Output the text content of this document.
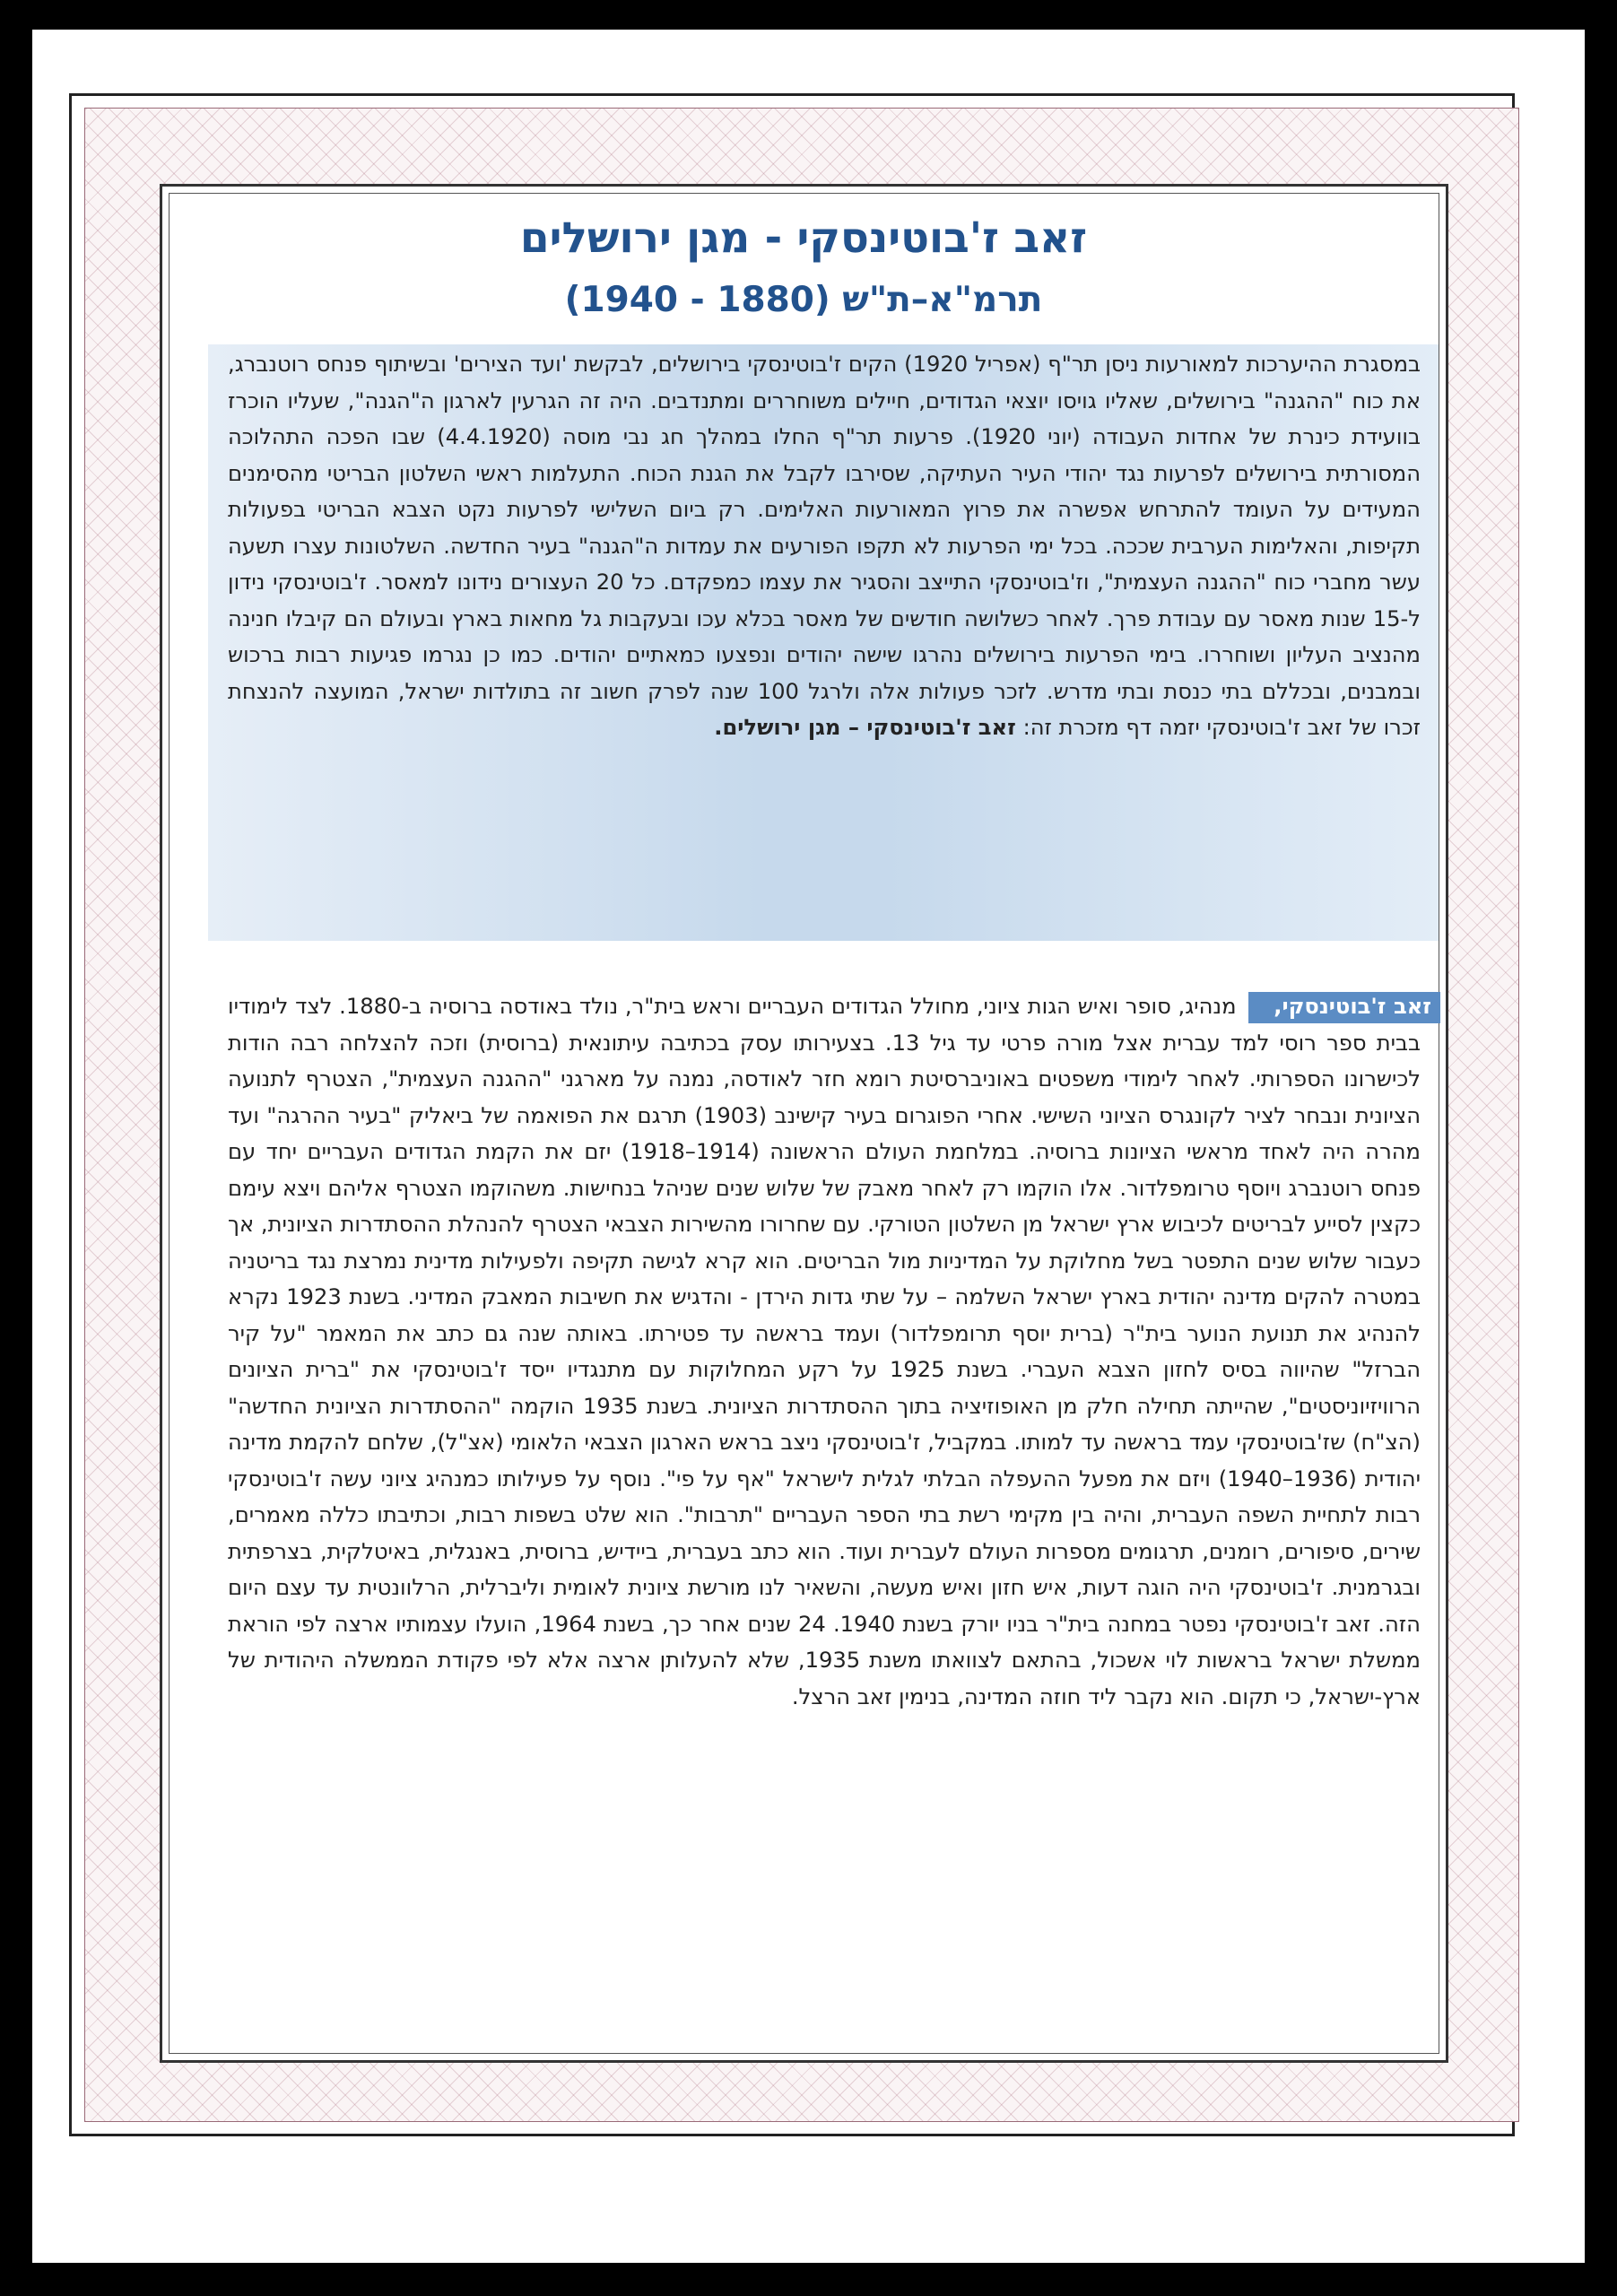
זאב ז'בוטינסקי - מגן ירושלים
תרמ"א–ת"ש (1880 - 1940)

במסגרת ההיערכות למאורעות ניסן תר"ף (אפריל 1920) הקים ז'בוטינסקי בירושלים, לבקשת 'ועד הצירים' ובשיתוף פנחס רוטנברג, את כוח "ההגנה" בירושלים, שאליו גויסו יוצאי הגדודים, חיילים משוחררים ומתנדבים. היה זה הגרעין לארגון ה"הגנה", שעליו הוכרז בוועידת כינרת של אחדות העבודה (יוני 1920). פרעות תר"ף החלו במהלך חג נבי מוסה (4.4.1920) שבו הפכה התהלוכה המסורתית בירושלים לפרעות נגד יהודי העיר העתיקה, שסירבו לקבל את הגנת הכוח. התעלמות ראשי השלטון הבריטי מהסימנים המעידים על העומד להתרחש אפשרה את פרוץ המאורעות האלימים. רק ביום השלישי לפרעות נקט הצבא הבריטי בפעולות תקיפות, והאלימות הערבית שככה. בכל ימי הפרעות לא תקפו הפורעים את עמדות ה"הגנה" בעיר החדשה. השלטונות עצרו תשעה עשר מחברי כוח "ההגנה העצמית", וז'בוטינסקי התייצב והסגיר את עצמו כמפקדם. כל 20 העצורים נידונו למאסר. ז'בוטינסקי נידון ל-15 שנות מאסר עם עבודת פרך. לאחר כשלושה חודשים של מאסר בכלא עכו ובעקבות גל מחאות בארץ ובעולם הם קיבלו חנינה מהנציב העליון ושוחררו. בימי הפרעות בירושלים נהרגו שישה יהודים ונפצעו כמאתיים יהודים. כמו כן נגרמו פגיעות רבות ברכוש ובמבנים, ובכללם בתי כנסת ובתי מדרש. לזכר פעולות אלה ולרגל 100 שנה לפרק חשוב זה בתולדות ישראל, המועצה להנצחת זכרו של זאב ז'בוטינסקי יזמה דף מזכרת זה: זאב ז'בוטינסקי – מגן ירושלים.

זאב ז'בוטינסקי, מנהיג, סופר ואיש הגות ציוני, מחולל הגדודים העבריים וראש בית"ר, נולד באודסה ברוסיה ב-1880. לצד לימודיו בבית ספר רוסי למד עברית אצל מורה פרטי עד גיל 13. בצעירותו עסק בכתיבה עיתונאית (ברוסית) וזכה להצלחה רבה הודות לכישרונו הספרותי. לאחר לימודי משפטים באוניברסיטת רומא חזר לאודסה, נמנה על מארגני "ההגנה העצמית", הצטרף לתנועה הציונית ונבחר לציר לקונגרס הציוני השישי. אחרי הפוגרום בעיר קישינב (1903) תרגם את הפואמה של ביאליק "בעיר ההרגה" ועד מהרה היה לאחד מראשי הציונות ברוסיה. במלחמת העולם הראשונה (1914–1918) יזם את הקמת הגדודים העבריים יחד עם פנחס רוטנברג ויוסף טרומפלדור. אלו הוקמו רק לאחר מאבק של שלוש שנים שניהל בנחישות. משהוקמו הצטרף אליהם ויצא עימם כקצין לסייע לבריטים לכיבוש ארץ ישראל מן השלטון הטורקי. עם שחרורו מהשירות הצבאי הצטרף להנהלת ההסתדרות הציונית, אך כעבור שלוש שנים התפטר בשל מחלוקת על המדיניות מול הבריטים. הוא קרא לגישה תקיפה ולפעילות מדינית נמרצת נגד בריטניה במטרה להקים מדינה יהודית בארץ ישראל השלמה – על שתי גדות הירדן - והדגיש את חשיבות המאבק המדיני. בשנת 1923 נקרא להנהיג את תנועת הנוער בית"ר (ברית יוסף תרומפלדור) ועמד בראשה עד פטירתו. באותה שנה גם כתב את המאמר "על קיר הברזל" שהיווה בסיס לחזון הצבא העברי. בשנת 1925 על רקע המחלוקות עם מתנגדיו ייסד ז'בוטינסקי את "ברית הציונים הרוויזיוניסטים", שהייתה תחילה חלק מן האופוזיציה בתוך ההסתדרות הציונית. בשנת 1935 הוקמה "ההסתדרות הציונית החדשה" (הצ"ח) שז'בוטינסקי עמד בראשה עד למותו. במקביל, ז'בוטינסקי ניצב בראש הארגון הצבאי הלאומי (אצ"ל), שלחם להקמת מדינה יהודית (1936–1940) ויזם את מפעל ההעפלה הבלתי לגלית לישראל "אף על פי". נוסף על פעילותו כמנהיג ציוני עשה ז'בוטינסקי רבות לתחיית השפה העברית, והיה בין מקימי רשת בתי הספר העבריים "תרבות". הוא שלט בשפות רבות, וכתיבתו כללה מאמרים, שירים, סיפורים, רומנים, תרגומים מספרות העולם לעברית ועוד. הוא כתב בעברית, ביידיש, ברוסית, באנגלית, באיטלקית, בצרפתית ובגרמנית. ז'בוטינסקי היה הוגה דעות, איש חזון ואיש מעשה, והשאיר לנו מורשת ציונית לאומית וליברלית, הרלוונטית עד עצם היום הזה. זאב ז'בוטינסקי נפטר במחנה בית"ר בניו יורק בשנת 1940. 24 שנים אחר כך, בשנת 1964, הועלו עצמותיו ארצה לפי הוראת ממשלת ישראל בראשות לוי אשכול, בהתאם לצוואתו משנת 1935, שלא להעלותן ארצה אלא לפי פקודת הממשלה היהודית של ארץ-ישראל, כי תקום. הוא נקבר ליד חוזה המדינה, בנימין זאב הרצל.
